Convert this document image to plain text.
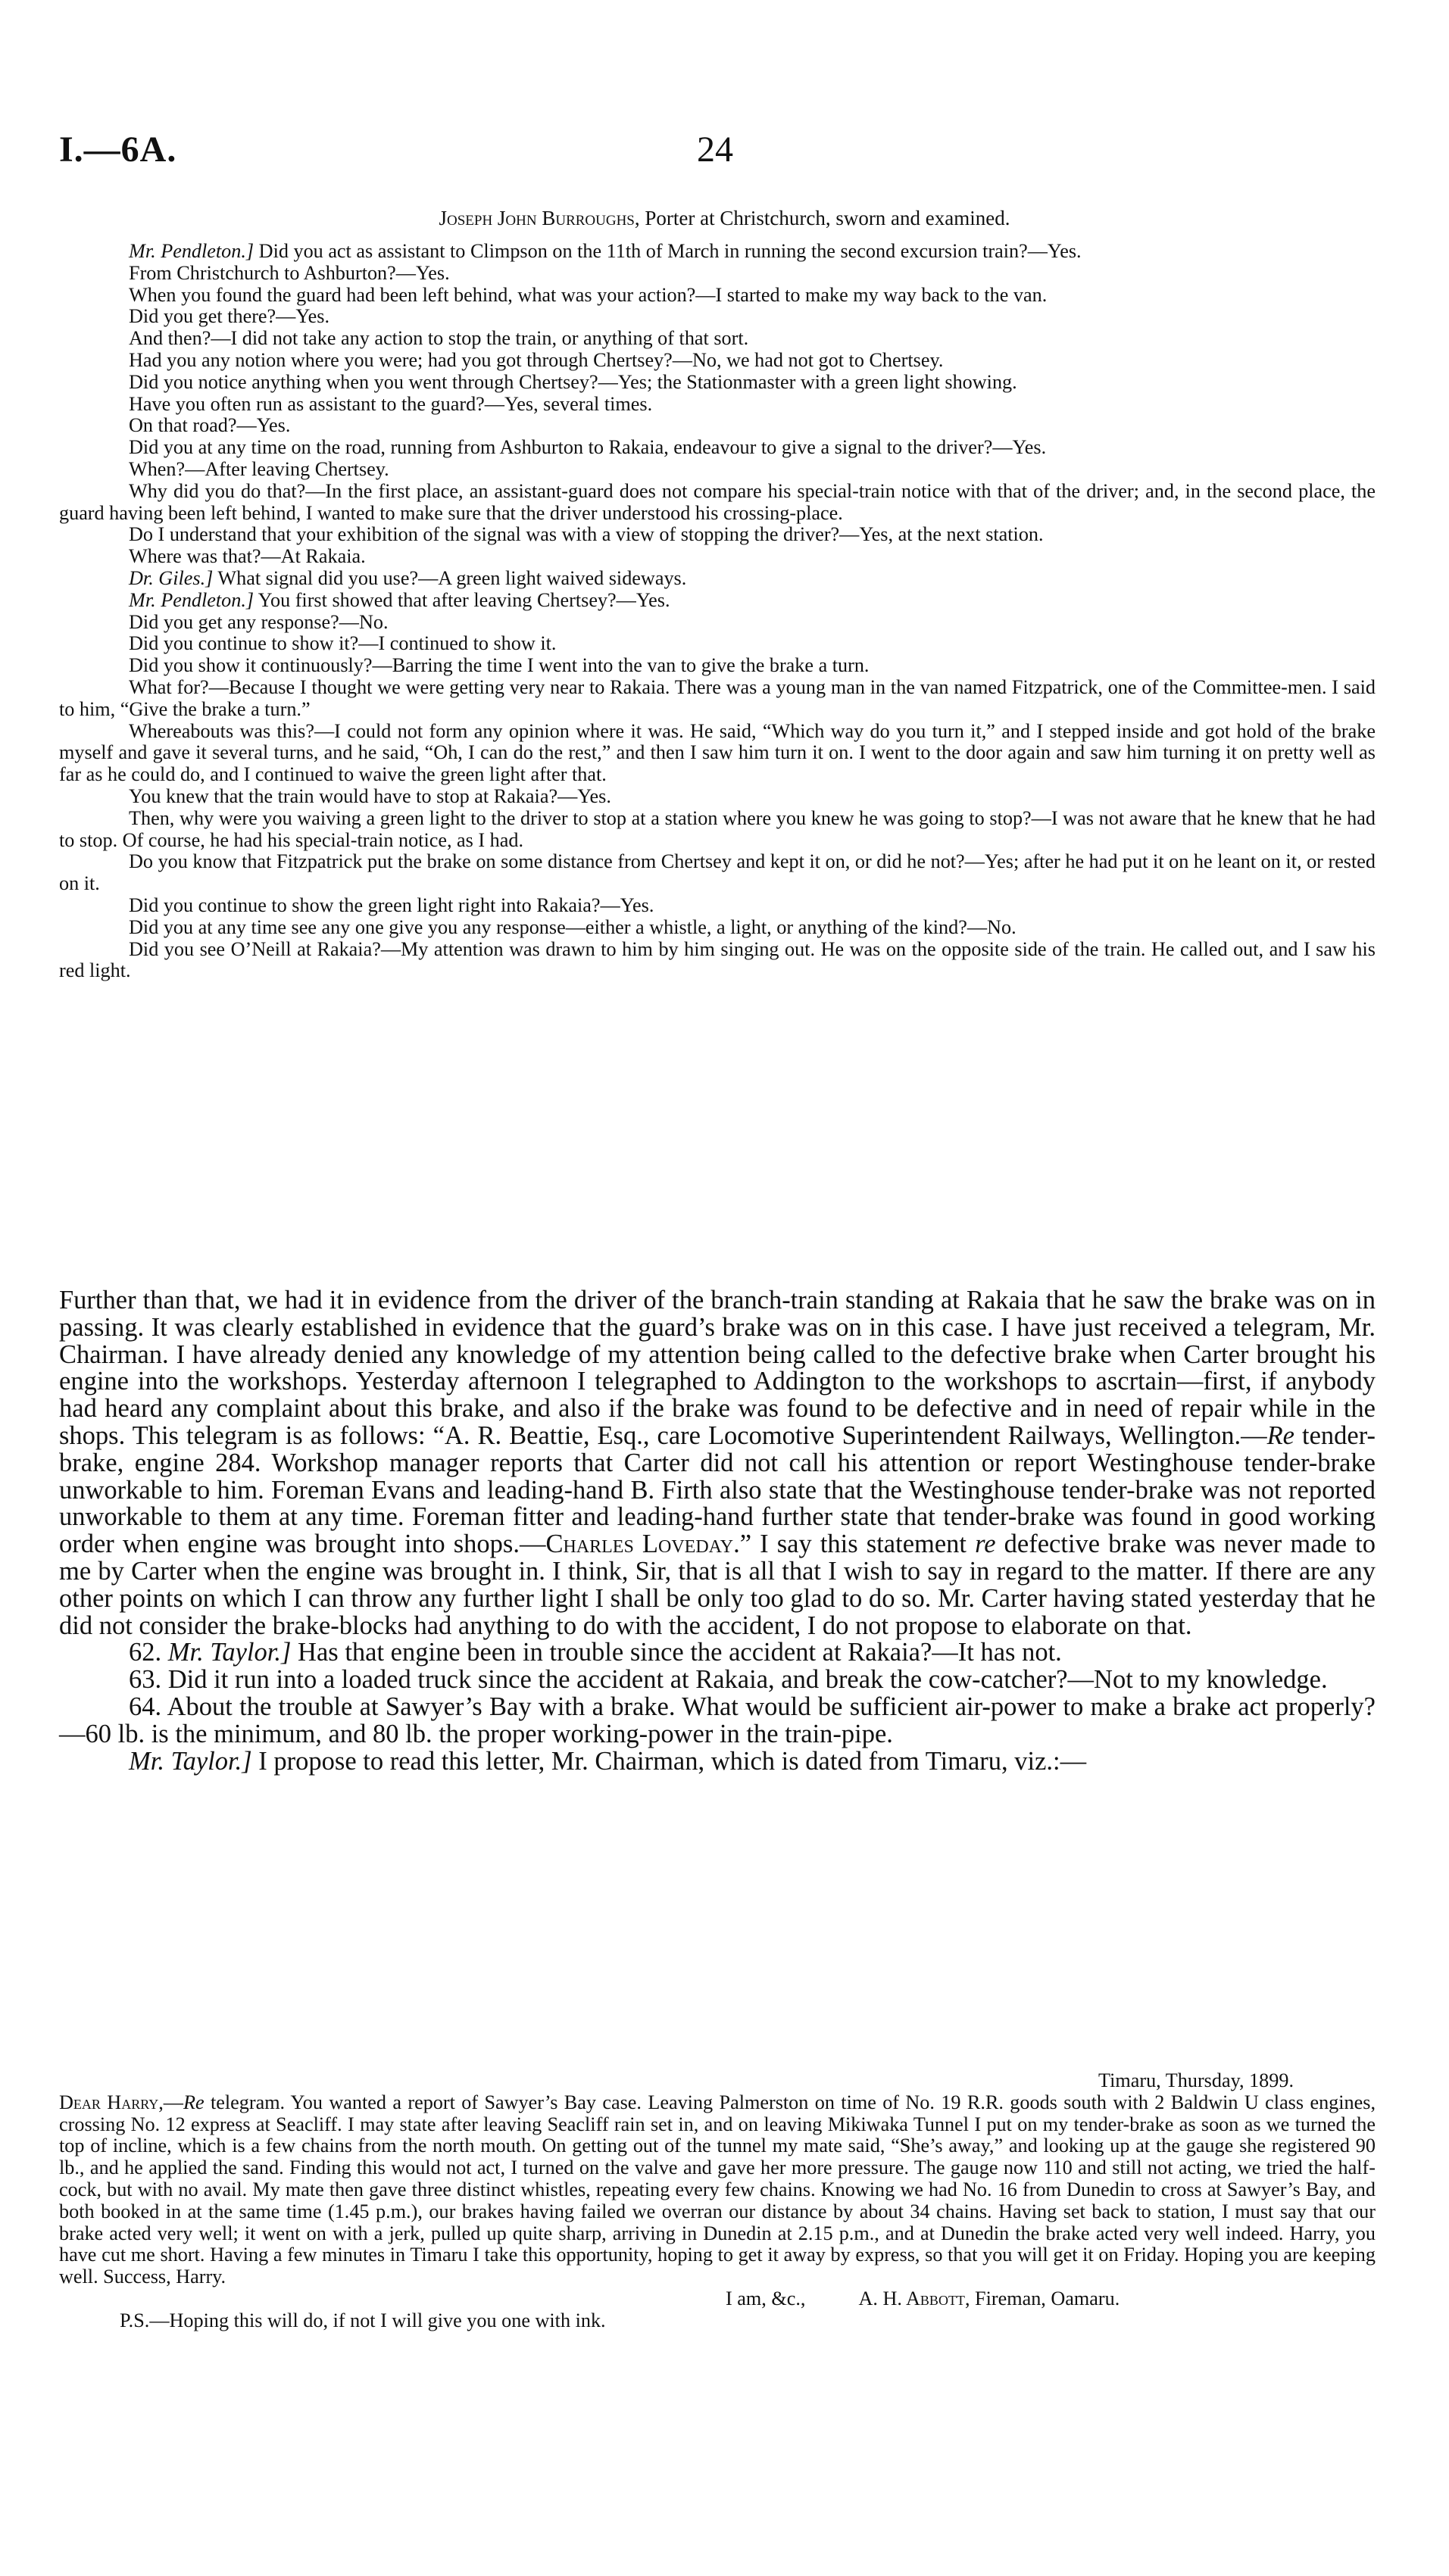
I.—6A.	24
Joseph John Burroughs, Porter at Christchurch, sworn and examined.

Mr. Pendleton.] Did you act as assistant to Climpson on the 11th of March in running the second excursion train?—Yes.

From Christchurch to Ashburton?—Yes.

When you found the guard had been left behind, what was your action?—I started to make my way back to the van.

Did you get there?—Yes.

And then?—I did not take any action to stop the train, or anything of that sort.

Had you any notion where you were; had you got through Chertsey?—No, we had not got to Chertsey.

Did you notice anything when you went through Chertsey?—Yes; the Stationmaster with a green light showing.

Have you often run as assistant to the guard?—Yes, several times.

On that road?—Yes.

Did you at any time on the road, running from Ashburton to Rakaia, endeavour to give a signal to the driver?—Yes.

When?—After leaving Chertsey.

Why did you do that?—In the first place, an assistant-guard does not compare his special-train notice with that of the driver; and, in the second place, the guard having been left behind, I wanted to make sure that the driver understood his crossing-place.

Do I understand that your exhibition of the signal was with a view of stopping the driver?—Yes, at the next station.

Where was that?—At Rakaia.

Dr. Giles.] What signal did you use?—A green light waived sideways.

Mr. Pendleton.] You first showed that after leaving Chertsey?—Yes.

Did you get any response?—No.

Did you continue to show it?—I continued to show it.

Did you show it continuously?—Barring the time I went into the van to give the brake a turn.

What for?—Because I thought we were getting very near to Rakaia. There was a young man in the van named Fitzpatrick, one of the Committee-men. I said to him, “Give the brake a turn.”

Whereabouts was this?—I could not form any opinion where it was. He said, “Which way do you turn it,” and I stepped inside and got hold of the brake myself and gave it several turns, and he said, “Oh, I can do the rest,” and then I saw him turn it on. I went to the door again and saw him turning it on pretty well as far as he could do, and I continued to waive the green light after that.

You knew that the train would have to stop at Rakaia?—Yes.

Then, why were you waiving a green light to the driver to stop at a station where you knew he was going to stop?—I was not aware that he knew that he had to stop. Of course, he had his special-train notice, as I had.

Do you know that Fitzpatrick put the brake on some distance from Chertsey and kept it on, or did he not?—Yes; after he had put it on he leant on it, or rested on it.

Did you continue to show the green light right into Rakaia?—Yes.

Did you at any time see any one give you any response—either a whistle, a light, or anything of the kind?—No.

Did you see O’Neill at Rakaia?—My attention was drawn to him by him singing out. He was on the opposite side of the train. He called out, and I saw his red light.

Further than that, we had it in evidence from the driver of the branch-train standing at Rakaia that he saw the brake was on in passing. It was clearly established in evidence that the guard’s brake was on in this case. I have just received a telegram, Mr. Chairman. I have already denied any knowledge of my attention being called to the defective brake when Carter brought his engine into the workshops. Yesterday afternoon I telegraphed to Addington to the workshops to ascrtain—first, if anybody had heard any complaint about this brake, and also if the brake was found to be defective and in need of repair while in the shops. This telegram is as follows: “A. R. Beattie, Esq., care Locomotive Superintendent Railways, Wellington.—Re tender-brake, engine 284. Workshop manager reports that Carter did not call his attention or report Westinghouse tender-brake unworkable to him. Foreman Evans and leading-hand B. Firth also state that the Westinghouse tender-brake was not reported unworkable to them at any time. Foreman fitter and leading-hand further state that tender-brake was found in good working order when engine was brought into shops.—Charles Loveday.” I say this statement re defective brake was never made to me by Carter when the engine was brought in. I think, Sir, that is all that I wish to say in regard to the matter. If there are any other points on which I can throw any further light I shall be only too glad to do so. Mr. Carter having stated yesterday that he did not consider the brake-blocks had anything to do with the accident, I do not propose to elaborate on that.

62. Mr. Taylor.] Has that engine been in trouble since the accident at Rakaia?—It has not.

63. Did it run into a loaded truck since the accident at Rakaia, and break the cow-catcher?—Not to my knowledge.

64. About the trouble at Sawyer’s Bay with a brake. What would be sufficient air-power to make a brake act properly?—60 lb. is the minimum, and 80 lb. the proper working-power in the train-pipe.

Mr. Taylor.] I propose to read this letter, Mr. Chairman, which is dated from Timaru, viz.:—

Timaru, Thursday, 1899.

Dear Harry,—Re telegram. You wanted a report of Sawyer’s Bay case. Leaving Palmerston on time of No. 19 R.R. goods south with 2 Baldwin U class engines, crossing No. 12 express at Seacliff. I may state after leaving Seacliff rain set in, and on leaving Mikiwaka Tunnel I put on my tender-brake as soon as we turned the top of incline, which is a few chains from the north mouth. On getting out of the tunnel my mate said, “She’s away,” and looking up at the gauge she registered 90 lb., and he applied the sand. Finding this would not act, I turned on the valve and gave her more pressure. The gauge now 110 and still not acting, we tried the half-cock, but with no avail. My mate then gave three distinct whistles, repeating every few chains. Knowing we had No. 16 from Dunedin to cross at Sawyer’s Bay, and both booked in at the same time (1.45 p.m.), our brakes having failed we overran our distance by about 34 chains. Having set back to station, I must say that our brake acted very well; it went on with a jerk, pulled up quite sharp, arriving in Dunedin at 2.15 p.m., and at Dunedin the brake acted very well indeed. Harry, you have cut me short. Having a few minutes in Timaru I take this opportunity, hoping to get it away by express, so that you will get it on Friday. Hoping you are keeping well. Success, Harry.

I am, &c.,	A. H. Abbott, Fireman, Oamaru.

P.S.—Hoping this will do, if not I will give you one with ink.
